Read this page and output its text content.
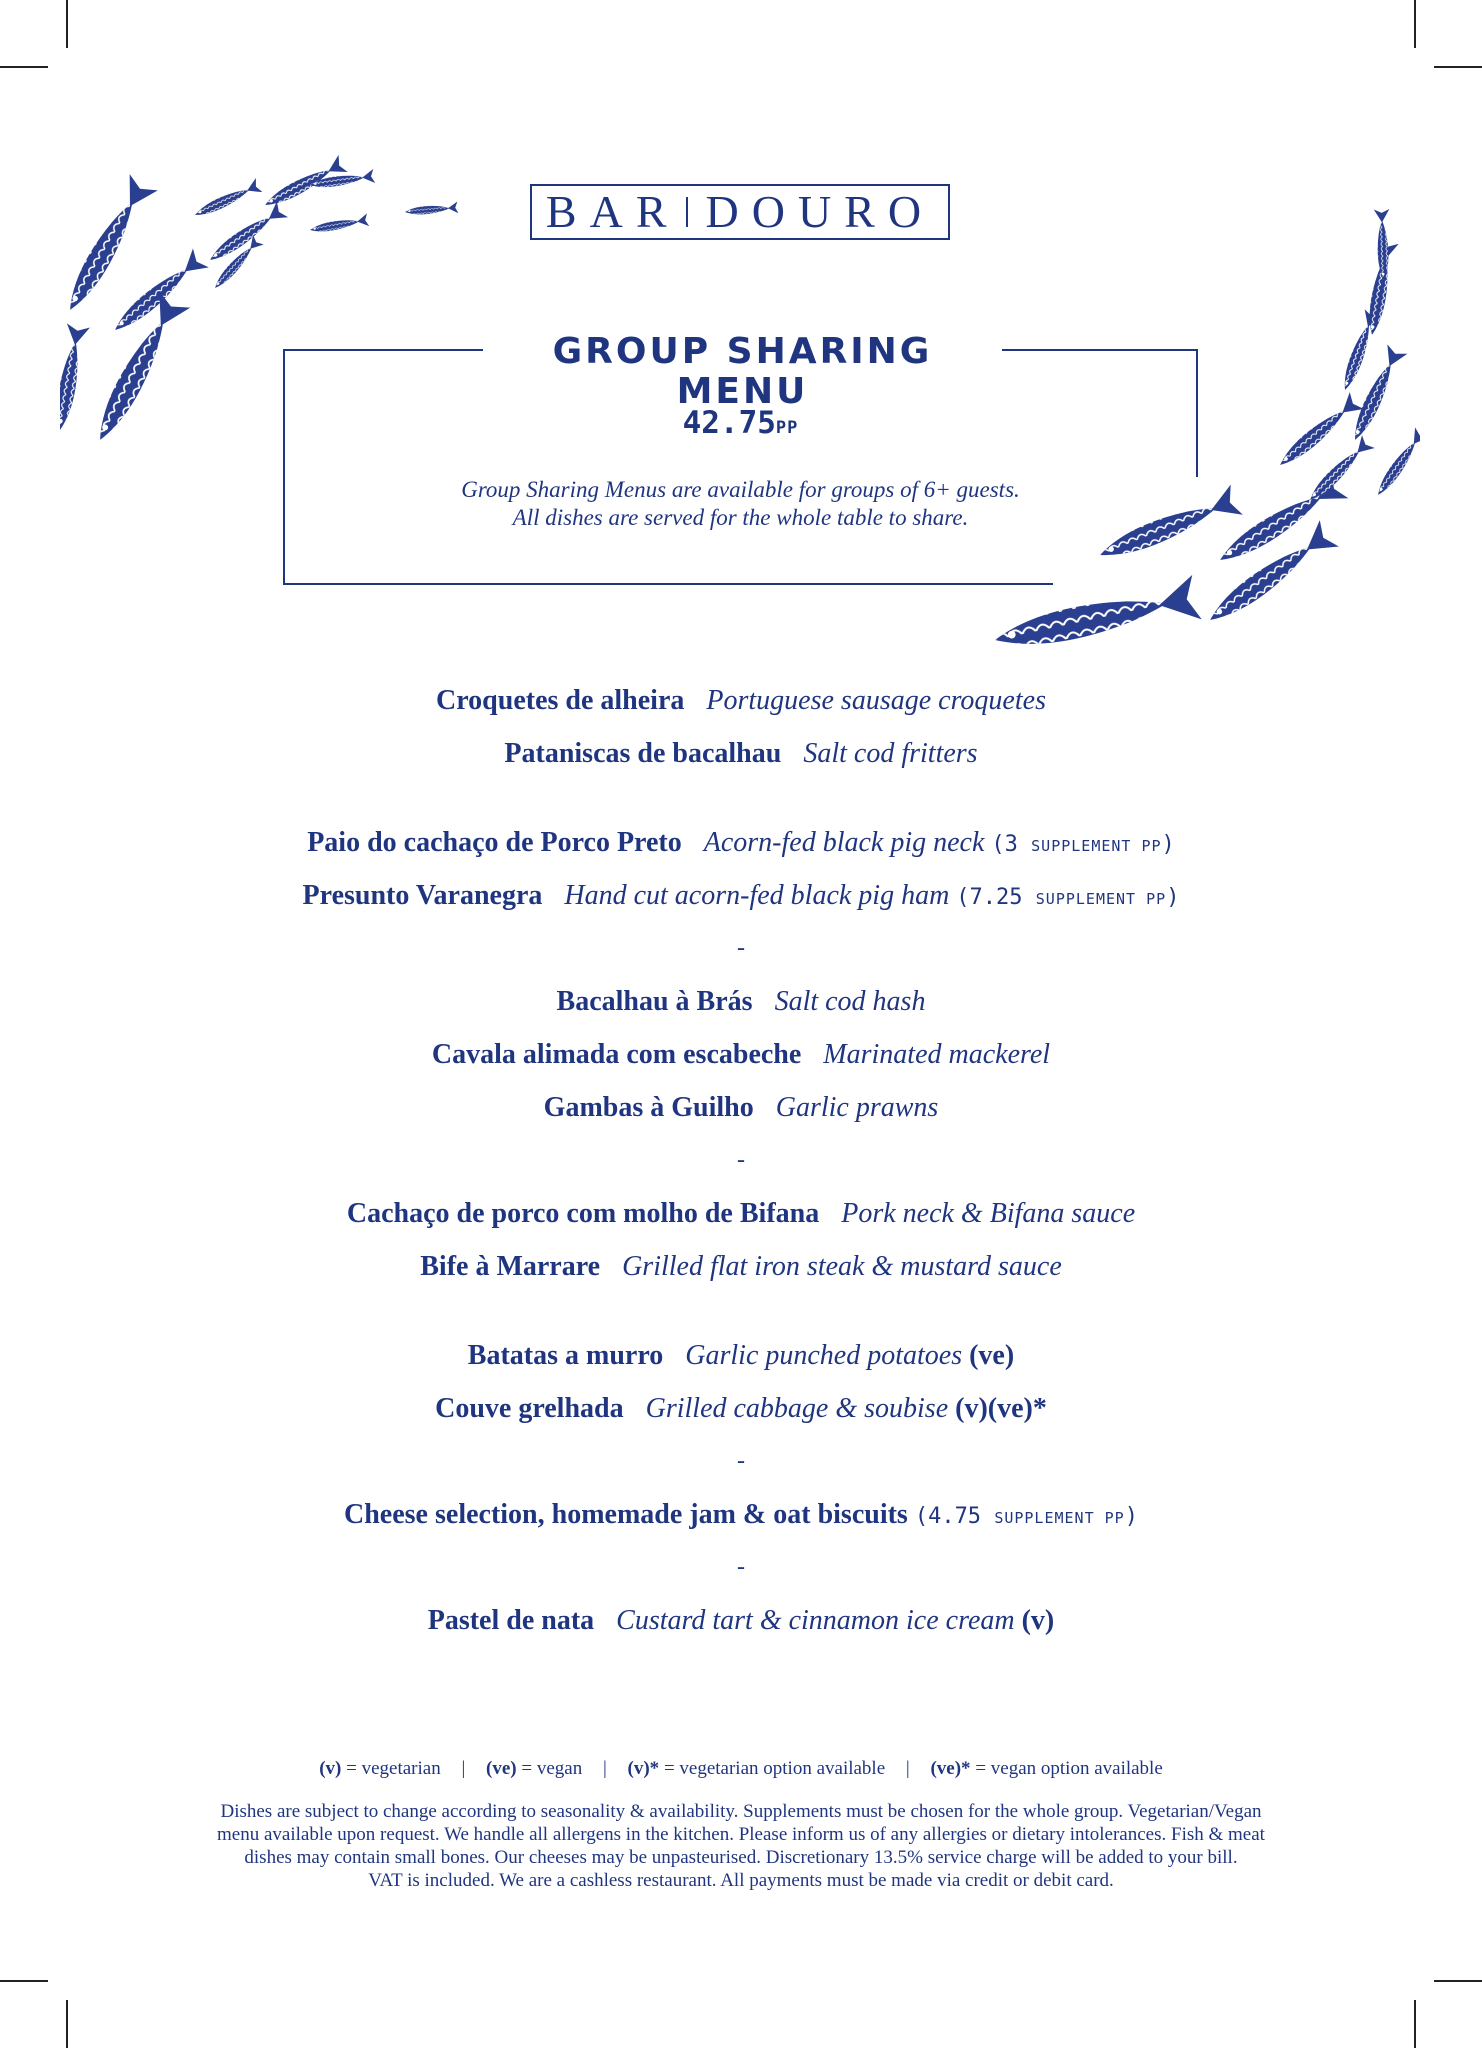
BAR DOURO
GROUP SHARING MENU
42.75PP
Group Sharing Menus are available for groups of 6+ guests.
All dishes are served for the whole table to share.
Croquetes de alheira Portuguese sausage croquetes
Pataniscas de bacalhau Salt cod fritters
Paio do cachaço de Porco Preto Acorn-fed black pig neck (3 SUPPLEMENT PP)
Presunto Varanegra Hand cut acorn-fed black pig ham (7.25 SUPPLEMENT PP)
-
Bacalhau à Brás Salt cod hash
Cavala alimada com escabeche Marinated mackerel
Gambas à Guilho Garlic prawns
-
Cachaço de porco com molho de Bifana Pork neck & Bifana sauce
Bife à Marrare Grilled flat iron steak & mustard sauce
Batatas a murro Garlic punched potatoes (ve)
Couve grelhada Grilled cabbage & soubise (v)(ve)*
-
Cheese selection, homemade jam & oat biscuits (4.75 SUPPLEMENT PP)
-
Pastel de nata Custard tart & cinnamon ice cream (v)
(v) = vegetarian | (ve) = vegan | (v)* = vegetarian option available | (ve)* = vegan option available
Dishes are subject to change according to seasonality & availability. Supplements must be chosen for the whole group. Vegetarian/Vegan
menu available upon request. We handle all allergens in the kitchen. Please inform us of any allergies or dietary intolerances. Fish & meat
dishes may contain small bones. Our cheeses may be unpasteurised. Discretionary 13.5% service charge will be added to your bill.
VAT is included. We are a cashless restaurant. All payments must be made via credit or debit card.
